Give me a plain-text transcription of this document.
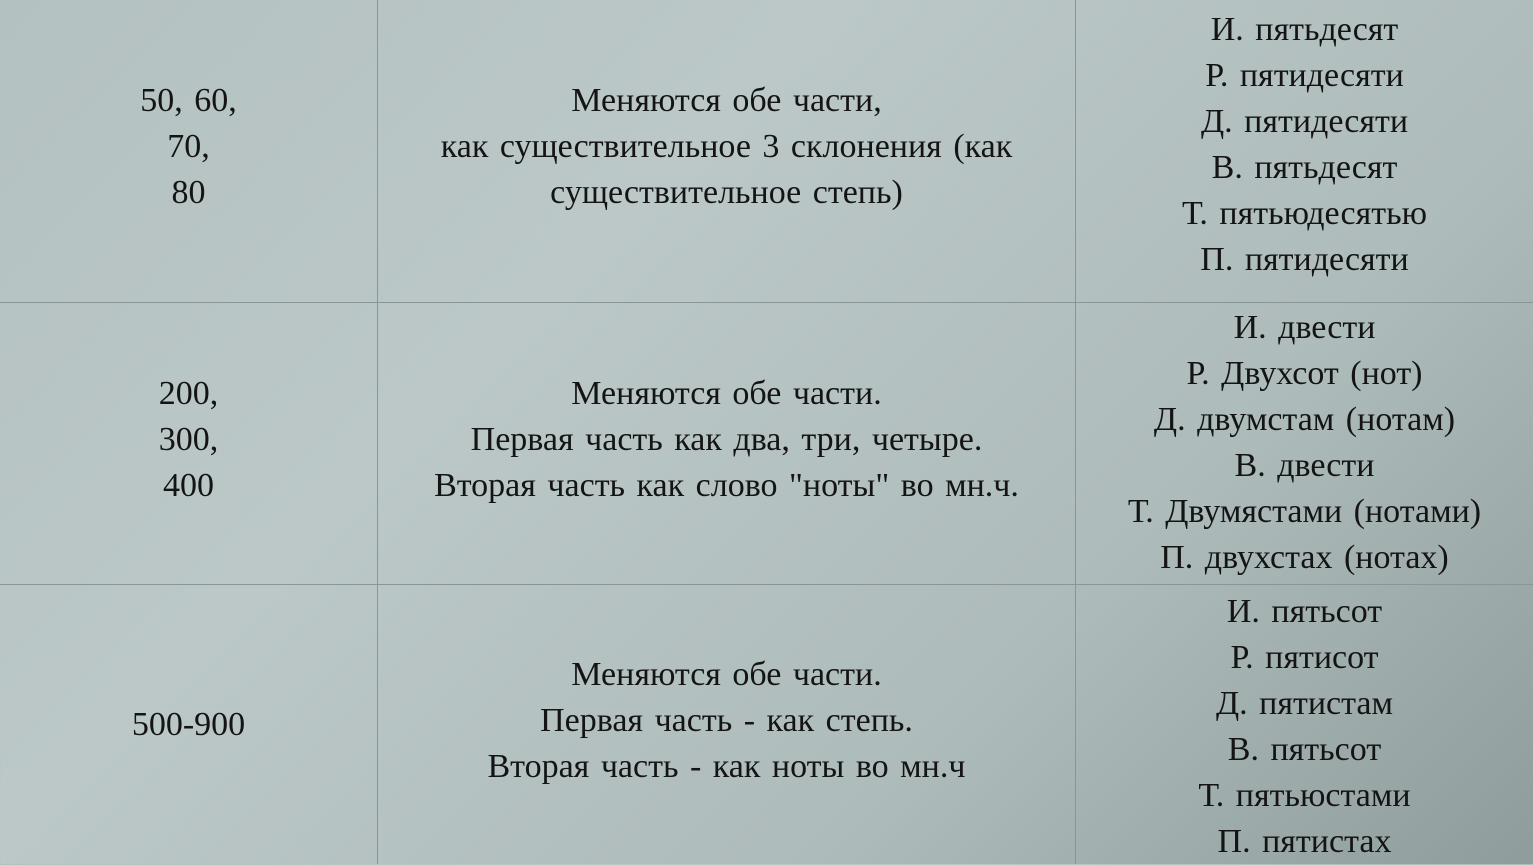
50, 60,
70,
80
Меняются обе части,
как существительное 3 склонения (как
существительное степь)
И. пятьдесят
Р. пятидесяти
Д. пятидесяти
В. пятьдесят
Т. пятьюдесятью
П. пятидесяти
200,
300,
400
Меняются обе части.
Первая часть как два, три, четыре.
Вторая часть как слово "ноты" во мн.ч.
И. двести
Р. Двухсот (нот)
Д. двумстам (нотам)
В. двести
Т. Двумястами (нотами)
П. двухстах (нотах)
500-900
Меняются обе части.
Первая часть - как степь.
Вторая часть - как ноты во мн.ч
И. пятьсот
Р. пятисот
Д. пятистам
В. пятьсот
Т. пятьюстами
П. пятистах
